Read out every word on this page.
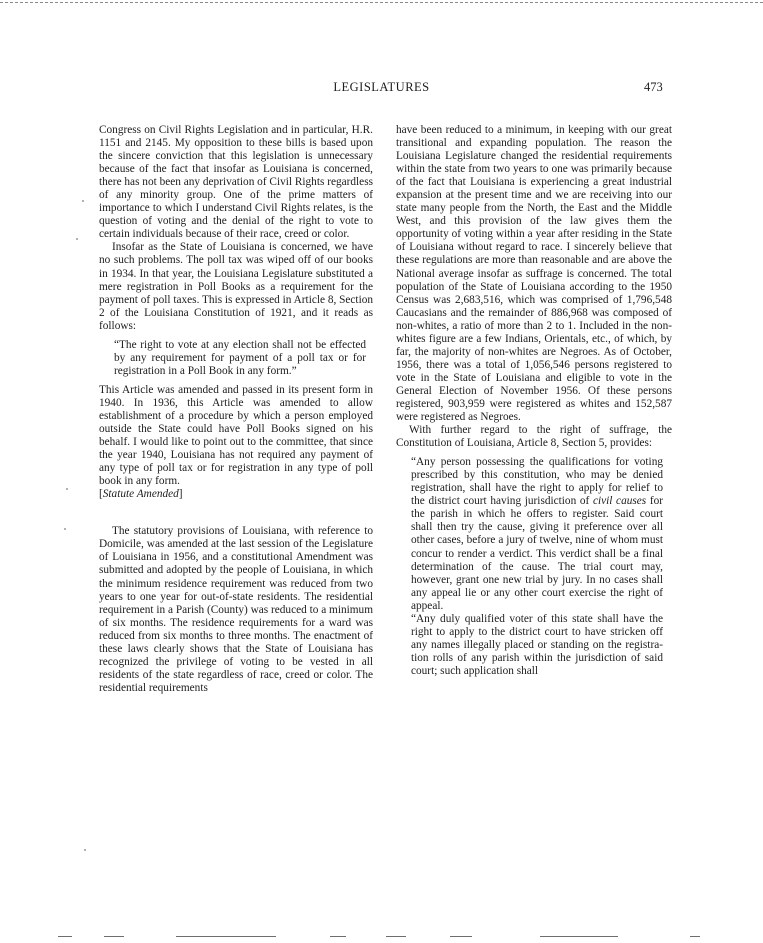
LEGISLATURES	473

Congress on Civil Rights Legislation and in particular, H.R. 1151 and 2145. My opposition to these bills is based upon the sincere conviction that this legislation is unnecessary because of the fact that insofar as Louisiana is concerned, there has not been any deprivation of Civil Rights regardless of any minority group. One of the prime matters of importance to which I understand Civil Rights relates, is the question of voting and the denial of the right to vote to certain individuals because of their race, creed or color.

Insofar as the State of Louisiana is concerned, we have no such problems. The poll tax was wiped off of our books in 1934. In that year, the Louisiana Legislature substituted a mere registration in Poll Books as a requirement for the payment of poll taxes. This is expressed in Article 8, Section 2 of the Louisiana Constitution of 1921, and it reads as follows:

“The right to vote at any election shall not be effected by any requirement for payment of a poll tax or for registration in a Poll Book in any form.”

This Article was amended and passed in its present form in 1940. In 1936, this Article was amended to allow establishment of a procedure by which a person employed outside the State could have Poll Books signed on his behalf. I would like to point out to the committee, that since the year 1940, Louisiana has not required any payment of any type of poll tax or for registration in any type of poll book in any form.

[Statute Amended]

The statutory provisions of Louisiana, with reference to Domicile, was amended at the last session of the Legislature of Louisiana in 1956, and a constitutional Amendment was submitted and adopted by the people of Louisiana, in which the minimum residence requirement was reduced from two years to one year for out-of-state residents. The residential requirement in a Parish (County) was reduced to a minimum of six months. The residence requirements for a ward was reduced from six months to three months. The enactment of these laws clearly shows that the State of Louisiana has recognized the privilege of voting to be vested in all residents of the state regardless of race, creed or color. The residential requirements

have been reduced to a minimum, in keeping with our great transitional and expanding population. The reason the Louisiana Legislature changed the residential requirements within the state from two years to one was primarily because of the fact that Louisiana is experiencing a great industrial expansion at the present time and we are receiving into our state many people from the North, the East and the Middle West, and this provision of the law gives them the opportunity of voting within a year after residing in the State of Louisiana without regard to race. I sincerely believe that these regulations are more than reasonable and are above the National average insofar as suffrage is concerned. The total population of the State of Louisiana according to the 1950 Census was 2,683,516, which was comprised of 1,796,548 Caucasians and the remainder of 886,968 was composed of non-whites, a ratio of more than 2 to 1. Included in the non-whites figure are a few Indians, Orientals, etc., of which, by far, the majority of non-whites are Negroes. As of October, 1956, there was a total of 1,056,546 persons registered to vote in the State of Louisiana and eligible to vote in the General Election of November 1956. Of these persons registered, 903,959 were registered as whites and 152,587 were registered as Negroes.

With further regard to the right of suffrage, the Constitution of Louisiana, Article 8, Section 5, provides:

“Any person possessing the qualifications for voting prescribed by this constitution, who may be denied registration, shall have the right to apply for relief to the district court having jurisdiction of civil causes for the parish in which he offers to register. Said court shall then try the cause, giving it preference over all other cases, before a jury of twelve, nine of whom must concur to render a verdict. This verdict shall be a final determination of the cause. The trial court may, however, grant one new trial by jury. In no cases shall any appeal lie or any other court exercise the right of appeal.

“Any duly qualified voter of this state shall have the right to apply to the district court to have stricken off any names illegally placed or standing on the registration rolls of any parish within the jurisdiction of said court; such application shall
